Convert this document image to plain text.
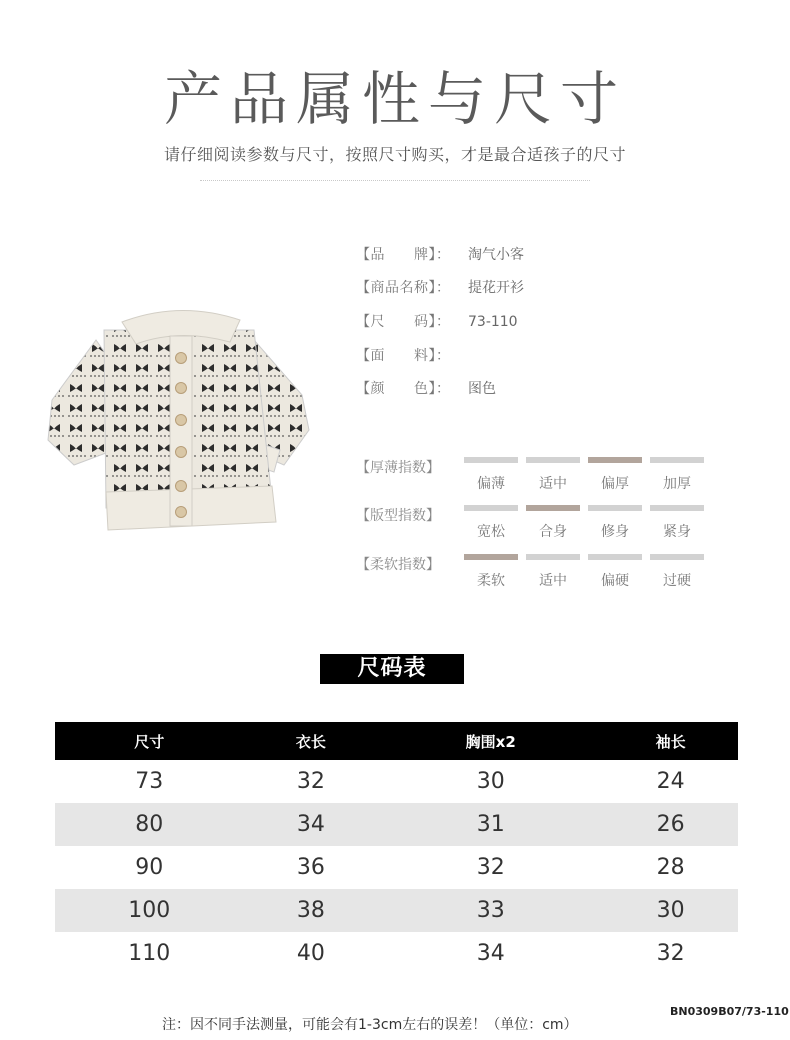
产品属性与尺寸
请仔细阅读参数与尺寸，按照尺寸购买，才是最合适孩子的尺寸
【品　　牌】： 淘气小客
【商品名称】： 提花开衫
【尺　　码】： 73-110
【面　　料】：
【颜　　色】： 图色
【厚薄指数】
偏薄	适中	偏厚	加厚
【版型指数】
宽松	合身	修身	紧身
【柔软指数】
柔软	适中	偏硬	过硬
尺码表
尺寸	衣长	胸围x2	袖长
73	32	30	24
80	34	31	26
90	36	32	28
100	38	33	30
110	40	34	32
注：因不同手法测量，可能会有1-3cm左右的误差！（单位：cm）
BN0309B07/73-110
